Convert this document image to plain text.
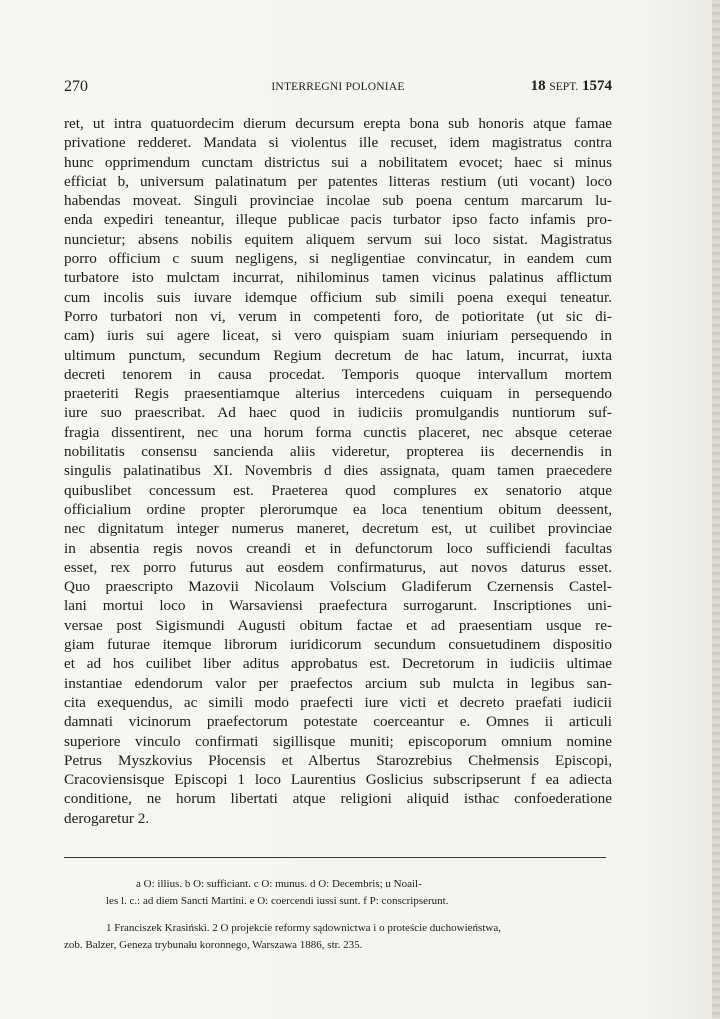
270	INTERREGNI POLONIAE	18 SEPT. 1574
ret, ut intra quatuordecim dierum decursum erepta bona sub honoris atque famae
privatione redderet. Mandata si violentus ille recuset, idem magistratus contra
hunc opprimendum cunctam districtus sui a nobilitatem evocet; haec si minus
efficiat b, universum palatinatum per patentes litteras restium (uti vocant) loco
habendas moveat. Singuli provinciae incolae sub poena centum marcarum lu-
enda expediri teneantur, illeque publicae pacis turbator ipso facto infamis pro-
nuncietur; absens nobilis equitem aliquem servum sui loco sistat. Magistratus
porro officium c suum negligens, si negligentiae convincatur, in eandem cum
turbatore isto mulctam incurrat, nihilominus tamen vicinus palatinus afflictum
cum incolis suis iuvare idemque officium sub simili poena exequi teneatur.
Porro turbatori non vi, verum in competenti foro, de potioritate (ut sic di-
cam) iuris sui agere liceat, si vero quispiam suam iniuriam persequendo in
ultimum punctum, secundum Regium decretum de hac latum, incurrat, iuxta
decreti tenorem in causa procedat. Temporis quoque intervallum mortem
praeteriti Regis praesentiamque alterius intercedens cuiquam in persequendo
iure suo praescribat. Ad haec quod in iudiciis promulgandis nuntiorum suf-
fragia dissentirent, nec una horum forma cunctis placeret, nec absque ceterae
nobilitatis consensu sancienda aliis videretur, propterea iis decernendis in
singulis palatinatibus XI. Novembris d dies assignata, quam tamen praecedere
quibuslibet concessum est. Praeterea quod complures ex senatorio atque
officialium ordine propter plerorumque ea loca tenentium obitum deessent,
nec dignitatum integer numerus maneret, decretum est, ut cuilibet provinciae
in absentia regis novos creandi et in defunctorum loco sufficiendi facultas
esset, rex porro futurus aut eosdem confirmaturus, aut novos daturus esset.
Quo praescripto Mazovii Nicolaum Volscium Gladiferum Czernensis Castel-
lani mortui loco in Warsaviensi praefectura surrogarunt. Inscriptiones uni-
versae post Sigismundi Augusti obitum factae et ad praesentiam usque re-
giam futurae itemque librorum iuridicorum secundum consuetudinem dispositio
et ad hos cuilibet liber aditus approbatus est. Decretorum in iudiciis ultimae
instantiae edendorum valor per praefectos arcium sub mulcta in legibus san-
cita exequendus, ac simili modo praefecti iure victi et decreto praefati iudicii
damnati vicinorum praefectorum potestate coerceantur e. Omnes ii articuli
superiore vinculo confirmati sigillisque muniti; episcoporum omnium nomine
Petrus Myszkovius Płocensis et Albertus Starozrebius Chełmensis Episcopi,
Cracoviensisque Episcopi 1 loco Laurentius Goslicius subscripserunt f ea adiecta
conditione, ne horum libertati atque religioni aliquid isthac confoederatione
derogaretur 2.
a O: illius. b O: sufficiant. c O: munus. d O: Decembris; u Noail-
les l. c.: ad diem Sancti Martini. e O: coercendi iussi sunt. f P: conscripserunt.
1 Franciszek Krasiński. 2 O projekcie reformy sądownictwa i o proteście duchowieństwa,
zob. Balzer, Geneza trybunału koronnego, Warszawa 1886, str. 235.
